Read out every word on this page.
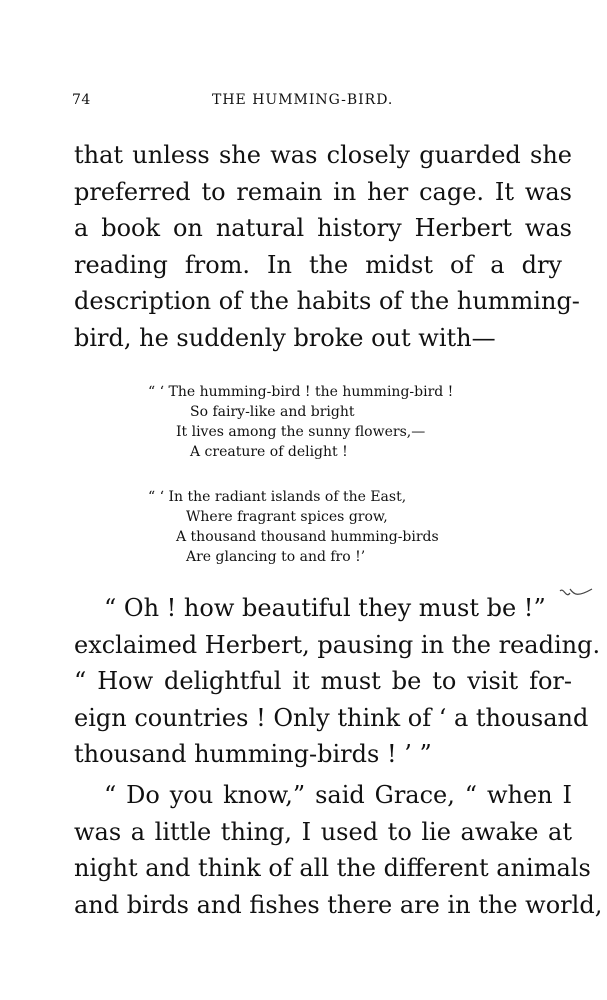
74	THE HUMMING-BIRD.
that unless she was closely guarded she
preferred to remain in her cage. It was
a book on natural history Herbert was
reading from. In the midst of a dry
description of the habits of the humming-
bird, he suddenly broke out with—
“ ‘ The humming-bird ! the humming-bird !
So fairy-like and bright
It lives among the sunny flowers,—
A creature of delight !
“ ‘ In the radiant islands of the East,
Where fragrant spices grow,
A thousand thousand humming-birds
Are glancing to and fro !’
“ Oh ! how beautiful they must be !”
exclaimed Herbert, pausing in the reading.
“ How delightful it must be to visit for-
eign countries ! Only think of ‘ a thousand
thousand humming-birds ! ’ ”
“ Do you know,” said Grace, “ when I
was a little thing, I used to lie awake at
night and think of all the different animals
and birds and fishes there are in the world,
